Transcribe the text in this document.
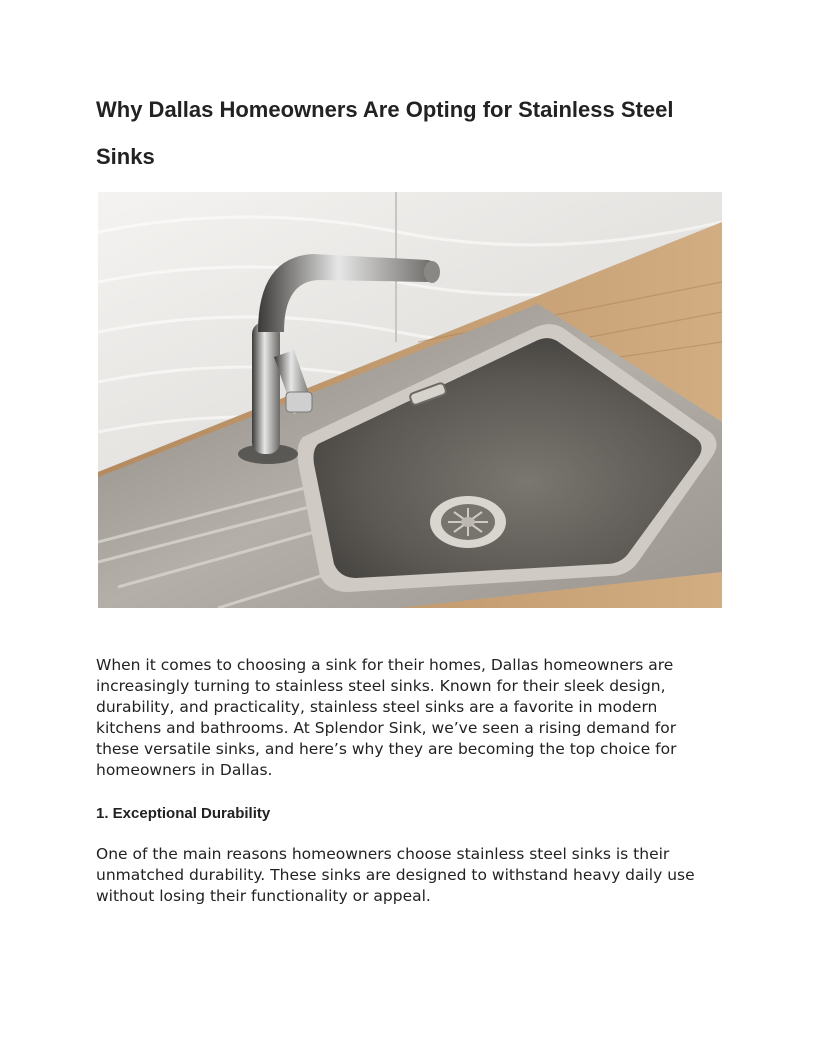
Why Dallas Homeowners Are Opting for Stainless Steel Sinks

When it comes to choosing a sink for their homes, Dallas homeowners are increasingly turning to stainless steel sinks. Known for their sleek design, durability, and practicality, stainless steel sinks are a favorite in modern kitchens and bathrooms. At Splendor Sink, we’ve seen a rising demand for these versatile sinks, and here’s why they are becoming the top choice for homeowners in Dallas.

1. Exceptional Durability

One of the main reasons homeowners choose stainless steel sinks is their unmatched durability. These sinks are designed to withstand heavy daily use without losing their functionality or appeal.
